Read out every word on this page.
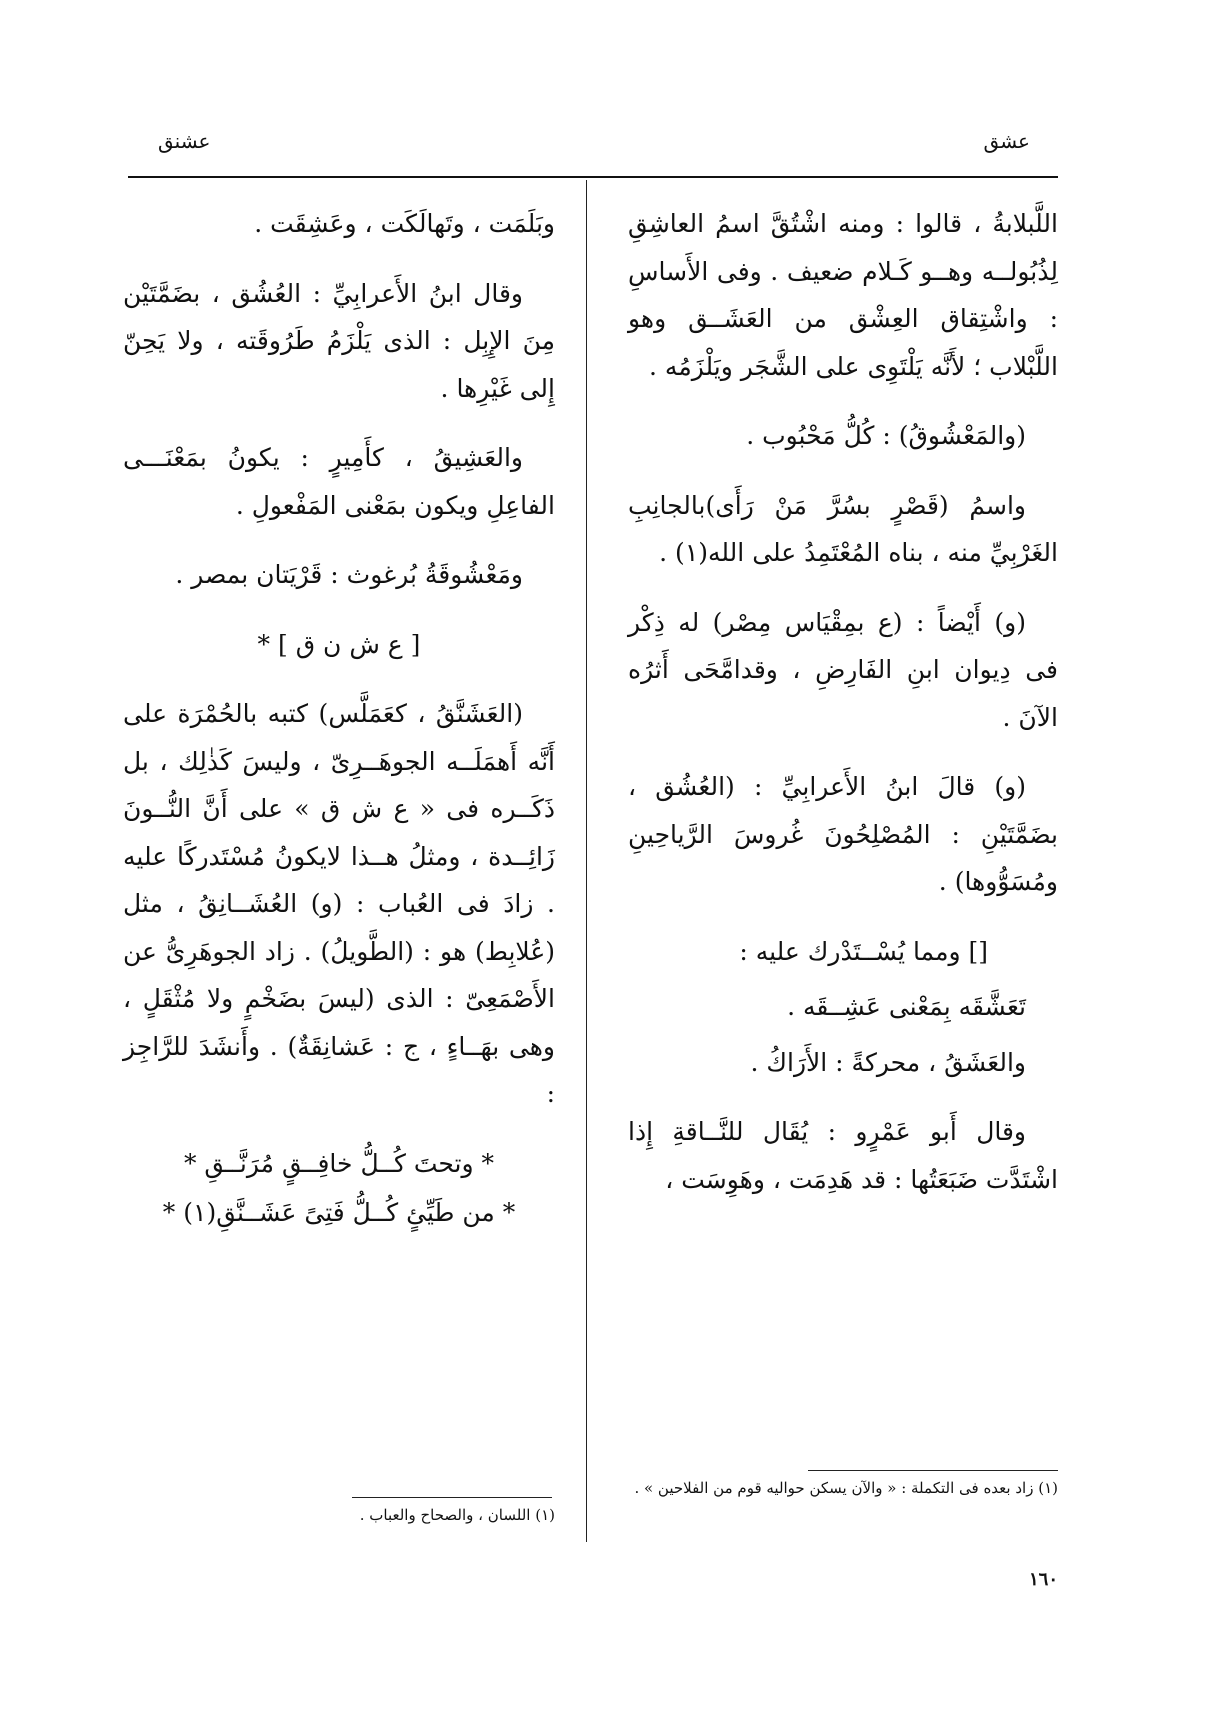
عشق
عشنق

اللَّبلابةُ ، قالوا : ومنه اشْتُقَّ اسمُ العاشِقِ لِذُبُولــه وهــو كَـلام ضعيف . وفى الأَساسِ : واشْتِقاق العِشْق من العَشَــق وهو اللَّبْلاب ؛ لأَنَّه يَلْتَوِى على الشَّجَر ويَلْزَمُه .

(والمَعْشُوقُ) : كُلُّ مَحْبُوب .

واسمُ (قَصْرٍ بسُرَّ مَنْ رَأَى)بالجانِبِ الغَرْبِيِّ منه ، بناه المُعْتَمِدُ على الله(١) .

(و) أَيْضاً : (ع بمِقْيَاس مِصْر) له ذِكْر فى دِيوان ابنِ الفَارِضِ ، وقدامَّحَى أَثرُه الآنَ .

(و) قالَ ابنُ الأَعرابِيِّ : (العُشُق ، بضَمَّتَيْنِ : المُصْلِحُونَ غُروسَ الرَّياحِينِ ومُسَوُّوها) .

[] ومما يُسْــتَدْرك عليه :

تَعَشَّقَه بِمَعْنى عَشِــقَه .

والعَشَقُ ، محركةً : الأَرَاكُ .

وقال أَبو عَمْرٍو : يُقَال للنَّــاقةِ إِذا اشْتَدَّت ضَبَعَتُها : قد هَدِمَت ، وهَوِسَت ،

وبَلَمَت ، وتَهالَكَت ، وعَشِقَت .

وقال ابنُ الأَعرابِيِّ : العُشُق ، بضَمَّتَيْن مِنَ الإِبِل : الذى يَلْزَمُ طَرُوقَته ، ولا يَحِنّ إِلى غَيْرِها .

والعَشِيقُ ، كأَمِيرٍ : يكونُ بمَعْنَـــى الفاعِلِ ويكون بمَعْنى المَفْعولِ .

ومَعْشُوقَةُ بُرغوث : قَرْيَتان بمصر .

[ ع ش ن ق ] *

(العَشَنَّقُ ، كعَمَلَّس) كتبه بالحُمْرَة على أَنَّه أَهمَلَــه الجوهَــرِىّ ، وليسَ كَذٰلِك ، بل ذَكَــره فى « ع ش ق » على أَنَّ النُّــونَ زَائِــدة ، ومثلُ هــذا لايكونُ مُسْتَدركًا عليه . زادَ فى العُباب : (و) العُشَــانِقُ ، مثل (عُلابِط) هو : (الطَّويلُ) . زاد الجوهَرِىُّ عن الأَصْمَعِىّ : الذى (ليسَ بضَخْمٍ ولا مُثْقَلٍ ، وهى بهَــاءٍ ، ج : عَشانِقَةٌ) . وأَنشَدَ للرَّاجِز :

* وتحتَ كُــلُّ خافِــقٍ مُرَنَّــقِ *

* من طَيِّئٍ كُــلُّ فَتِىً عَشَــنَّقِ(١) *

(١) زاد بعده فى التكملة : « والآن يسكن حواليه قوم من الفلاحين » .
(١) اللسان ، والصحاح والعباب .
١٦٠
